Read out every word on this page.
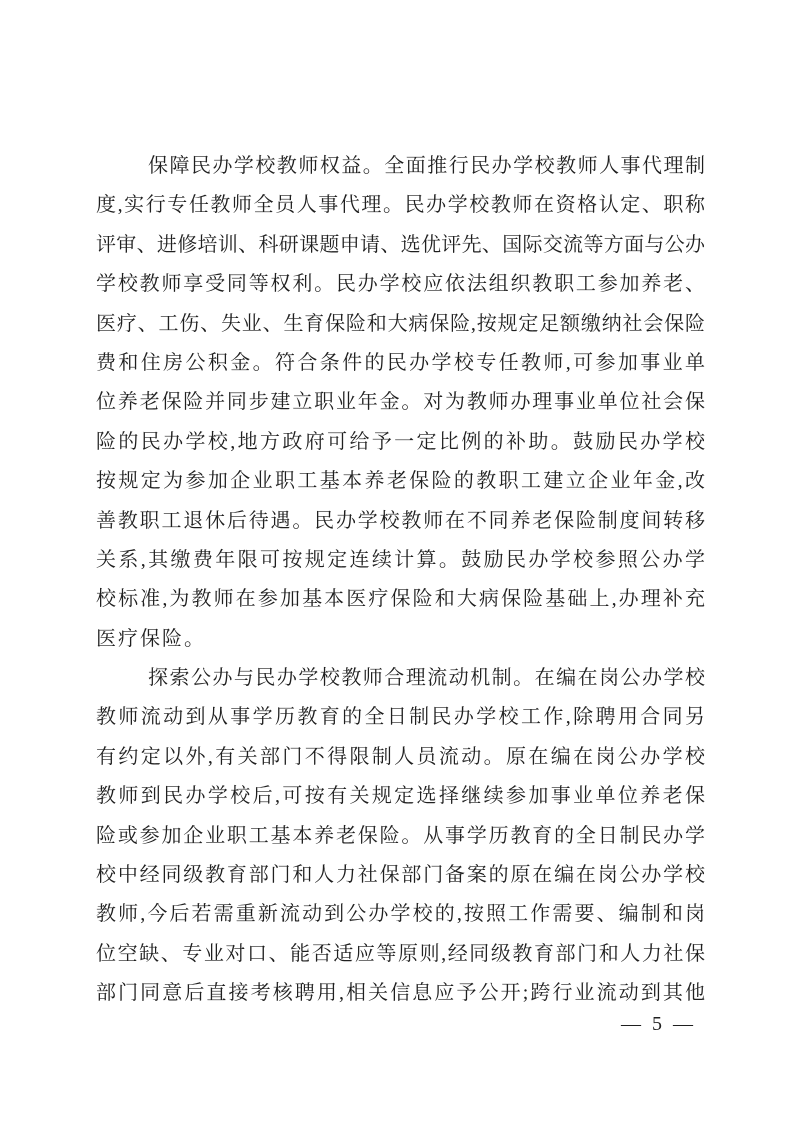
保障民办学校教师权益。全面推行民办学校教师人事代理制
度,实行专任教师全员人事代理。民办学校教师在资格认定、职称
评审、进修培训、科研课题申请、选优评先、国际交流等方面与公办
学校教师享受同等权利。民办学校应依法组织教职工参加养老、
医疗、工伤、失业、生育保险和大病保险,按规定足额缴纳社会保险
费和住房公积金。符合条件的民办学校专任教师,可参加事业单
位养老保险并同步建立职业年金。对为教师办理事业单位社会保
险的民办学校,地方政府可给予一定比例的补助。鼓励民办学校
按规定为参加企业职工基本养老保险的教职工建立企业年金,改
善教职工退休后待遇。民办学校教师在不同养老保险制度间转移
关系,其缴费年限可按规定连续计算。鼓励民办学校参照公办学
校标准,为教师在参加基本医疗保险和大病保险基础上,办理补充
医疗保险。
探索公办与民办学校教师合理流动机制。在编在岗公办学校
教师流动到从事学历教育的全日制民办学校工作,除聘用合同另
有约定以外,有关部门不得限制人员流动。原在编在岗公办学校
教师到民办学校后,可按有关规定选择继续参加事业单位养老保
险或参加企业职工基本养老保险。从事学历教育的全日制民办学
校中经同级教育部门和人力社保部门备案的原在编在岗公办学校
教师,今后若需重新流动到公办学校的,按照工作需要、编制和岗
位空缺、专业对口、能否适应等原则,经同级教育部门和人力社保
部门同意后直接考核聘用,相关信息应予公开;跨行业流动到其他
— 5 —
